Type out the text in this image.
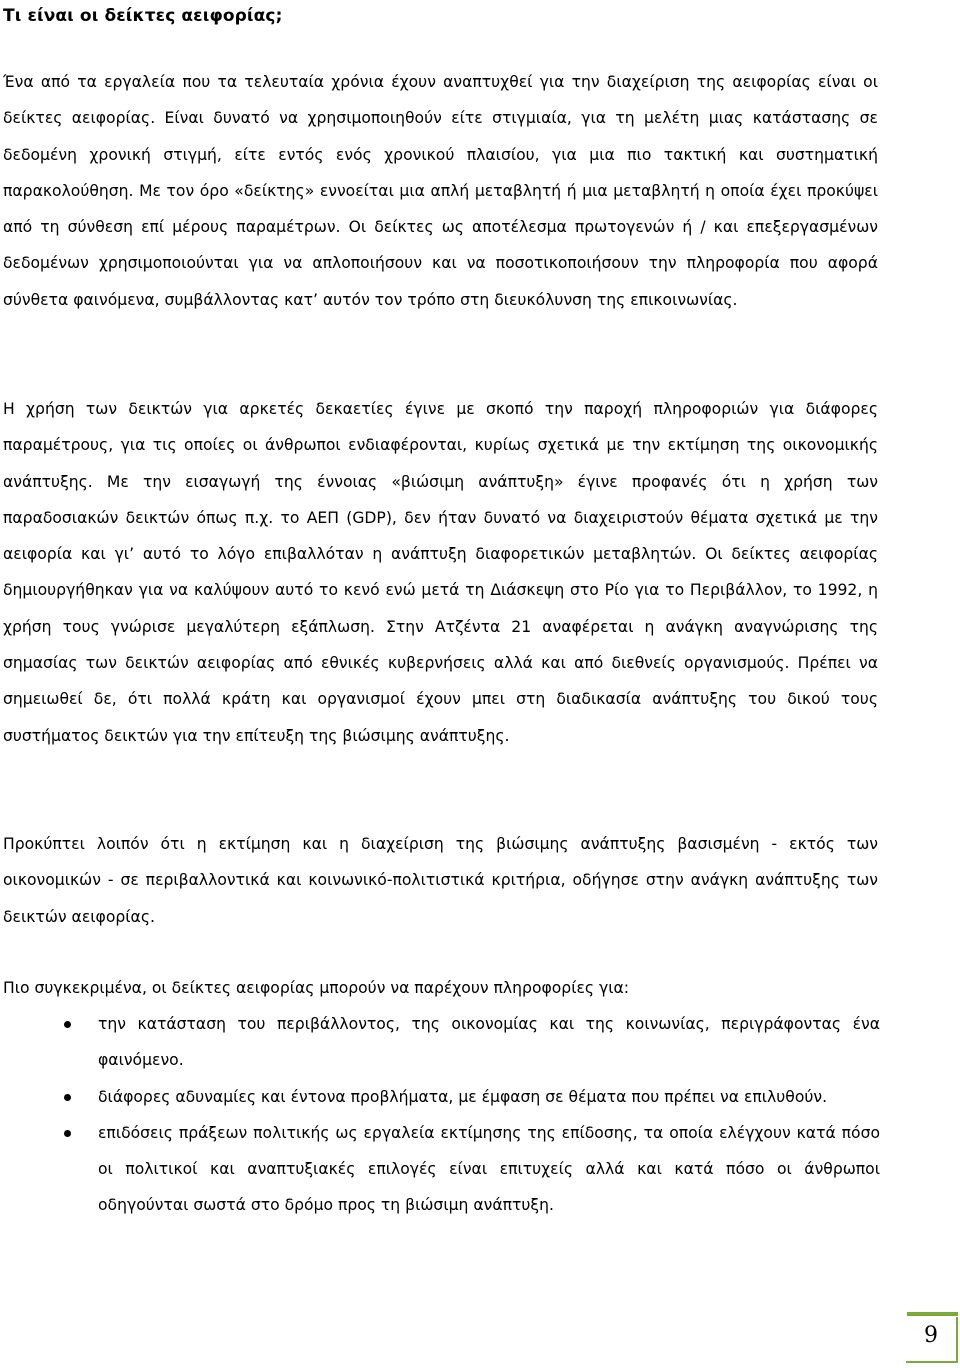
Τι είναι οι δείκτες αειφορίας;

Ένα από τα εργαλεία που τα τελευταία χρόνια έχουν αναπτυχθεί για την διαχείριση της αειφορίας είναι οι δείκτες αειφορίας. Είναι δυνατό να χρησιμοποιηθούν είτε στιγμιαία, για τη μελέτη μιας κατάστασης σε δεδομένη χρονική στιγμή, είτε εντός ενός χρονικού πλαισίου, για μια πιο τακτική και συστηματική παρακολούθηση. Με τον όρο «δείκτης» εννοείται μια απλή μεταβλητή ή μια μεταβλητή η οποία έχει προκύψει από τη σύνθεση επί μέρους παραμέτρων. Οι δείκτες ως αποτέλεσμα πρωτογενών ή / και επεξεργασμένων δεδομένων χρησιμοποιούνται για να απλοποιήσουν και να ποσοτικοποιήσουν την πληροφορία που αφορά σύνθετα φαινόμενα, συμβάλλοντας κατ’ αυτόν τον τρόπο στη διευκόλυνση της επικοινωνίας.

Η χρήση των δεικτών για αρκετές δεκαετίες έγινε με σκοπό την παροχή πληροφοριών για διάφορες παραμέτρους, για τις οποίες οι άνθρωποι ενδιαφέρονται, κυρίως σχετικά με την εκτίμηση της οικονομικής ανάπτυξης. Με την εισαγωγή της έννοιας «βιώσιμη ανάπτυξη» έγινε προφανές ότι η χρήση των παραδοσιακών δεικτών όπως π.χ. το ΑΕΠ (GDP), δεν ήταν δυνατό να διαχειριστούν θέματα σχετικά με την αειφορία και γι’ αυτό το λόγο επιβαλλόταν η ανάπτυξη διαφορετικών μεταβλητών. Οι δείκτες αειφορίας δημιουργήθηκαν για να καλύψουν αυτό το κενό ενώ μετά τη Διάσκεψη στο Ρίο για το Περιβάλλον, το 1992, η χρήση τους γνώρισε μεγαλύτερη εξάπλωση. Στην Ατζέντα 21 αναφέρεται η ανάγκη αναγνώρισης της σημασίας των δεικτών αειφορίας από εθνικές κυβερνήσεις αλλά και από διεθνείς οργανισμούς. Πρέπει να σημειωθεί δε, ότι πολλά κράτη και οργανισμοί έχουν μπει στη διαδικασία ανάπτυξης του δικού τους συστήματος δεικτών για την επίτευξη της βιώσιμης ανάπτυξης.

Προκύπτει λοιπόν ότι η εκτίμηση και η διαχείριση της βιώσιμης ανάπτυξης βασισμένη - εκτός των οικονομικών - σε περιβαλλοντικά και κοινωνικό-πολιτιστικά κριτήρια, οδήγησε στην ανάγκη ανάπτυξης των δεικτών αειφορίας.

Πιο συγκεκριμένα, οι δείκτες αειφορίας μπορούν να παρέχουν πληροφορίες για:

την κατάσταση του περιβάλλοντος, της οικονομίας και της κοινωνίας, περιγράφοντας ένα φαινόμενο.
διάφορες αδυναμίες και έντονα προβλήματα, με έμφαση σε θέματα που πρέπει να επιλυθούν.
επιδόσεις πράξεων πολιτικής ως εργαλεία εκτίμησης της επίδοσης, τα οποία ελέγχουν κατά πόσο οι πολιτικοί και αναπτυξιακές επιλογές είναι επιτυχείς αλλά και κατά πόσο οι άνθρωποι οδηγούνται σωστά στο δρόμο προς τη βιώσιμη ανάπτυξη.
9
